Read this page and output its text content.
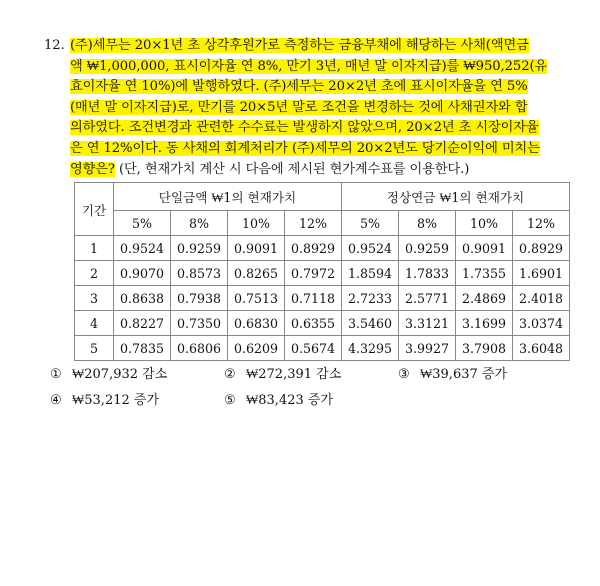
12. (주)세무는 20×1년 초 상각후원가로 측정하는 금융부채에 해당하는 사채(액면금
액 ₩1,000,000, 표시이자율 연 8%, 만기 3년, 매년 말 이자지급)를 ₩950,252(유
효이자율 연 10%)에 발행하였다. (주)세무는 20×2년 초에 표시이자율을 연 5%
(매년 말 이자지급)로, 만기를 20×5년 말로 조건을 변경하는 것에 사채권자와 합
의하였다. 조건변경과 관련한 수수료는 발생하지 않았으며, 20×2년 초 시장이자율
은 연 12%이다. 동 사채의 회계처리가 (주)세무의 20×2년도 당기순이익에 미치는
영향은? (단, 현재가치 계산 시 다음에 제시된 현가계수표를 이용한다.)
기간	단일금액 ₩1의 현재가치				정상연금 ₩1의 현재가치			
	5%	8%	10%	12%	5%	8%	10%	12%
1	0.9524	0.9259	0.9091	0.8929	0.9524	0.9259	0.9091	0.8929
2	0.9070	0.8573	0.8265	0.7972	1.8594	1.7833	1.7355	1.6901
3	0.8638	0.7938	0.7513	0.7118	2.7233	2.5771	2.4869	2.4018
4	0.8227	0.7350	0.6830	0.6355	3.5460	3.3121	3.1699	3.0374
5	0.7835	0.6806	0.6209	0.5674	4.3295	3.9927	3.7908	3.6048
① ₩207,932 감소	② ₩272,391 감소	③ ₩39,637 증가
④ ₩53,212 증가	⑤ ₩83,423 증가
